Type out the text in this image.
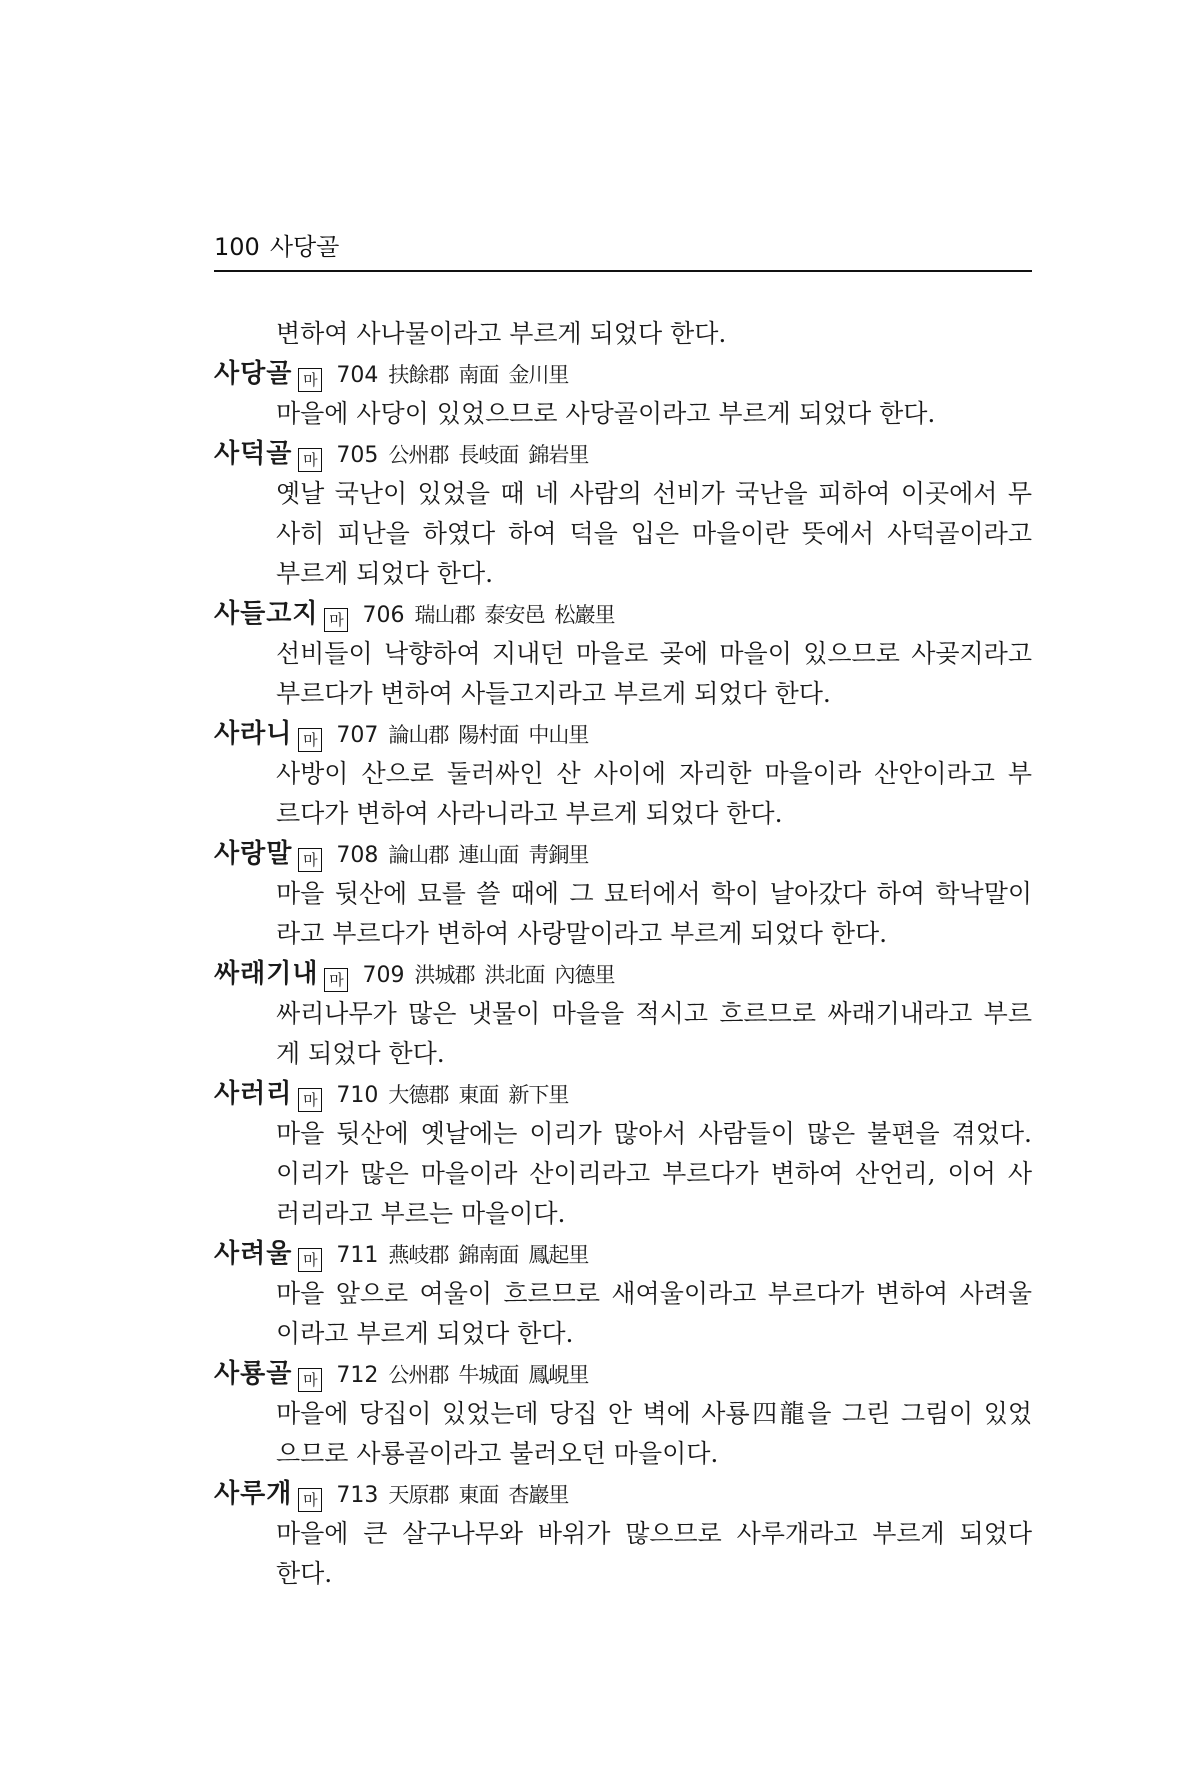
100 사당골
변하여 사나물이라고 부르게 되었다 한다.
사당골 마 704 扶餘郡 南面 金川里
마을에 사당이 있었으므로 사당골이라고 부르게 되었다 한다.
사덕골 마 705 公州郡 長岐面 錦岩里
옛날 국난이 있었을 때 네 사람의 선비가 국난을 피하여 이곳에서 무
사히 피난을 하였다 하여 덕을 입은 마을이란 뜻에서 사덕골이라고
부르게 되었다 한다.
사들고지 마 706 瑞山郡 泰安邑 松巖里
선비들이 낙향하여 지내던 마을로 곶에 마을이 있으므로 사곶지라고
부르다가 변하여 사들고지라고 부르게 되었다 한다.
사라니 마 707 論山郡 陽村面 中山里
사방이 산으로 둘러싸인 산 사이에 자리한 마을이라 산안이라고 부
르다가 변하여 사라니라고 부르게 되었다 한다.
사랑말 마 708 論山郡 連山面 靑銅里
마을 뒷산에 묘를 쓸 때에 그 묘터에서 학이 날아갔다 하여 학낙말이
라고 부르다가 변하여 사랑말이라고 부르게 되었다 한다.
싸래기내 마 709 洪城郡 洪北面 內德里
싸리나무가 많은 냇물이 마을을 적시고 흐르므로 싸래기내라고 부르
게 되었다 한다.
사러리 마 710 大德郡 東面 新下里
마을 뒷산에 옛날에는 이리가 많아서 사람들이 많은 불편을 겪었다.
이리가 많은 마을이라 산이리라고 부르다가 변하여 산언리, 이어 사
러리라고 부르는 마을이다.
사려울 마 711 燕岐郡 錦南面 鳳起里
마을 앞으로 여울이 흐르므로 새여울이라고 부르다가 변하여 사려울
이라고 부르게 되었다 한다.
사룡골 마 712 公州郡 牛城面 鳳峴里
마을에 당집이 있었는데 당집 안 벽에 사룡四龍을 그린 그림이 있었
으므로 사룡골이라고 불러오던 마을이다.
사루개 마 713 天原郡 東面 杏巖里
마을에 큰 살구나무와 바위가 많으므로 사루개라고 부르게 되었다
한다.
